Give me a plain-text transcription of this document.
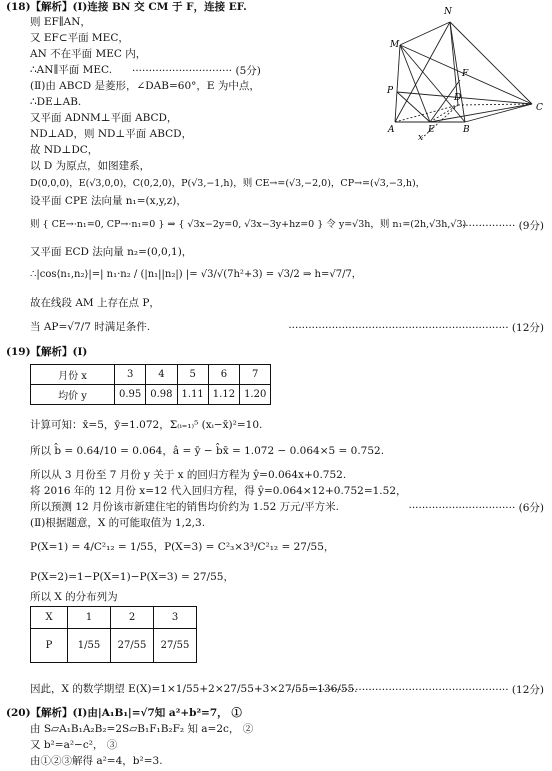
(18)【解析】(Ⅰ)连接 BN 交 CM 于 F，连接 EF.
则 EF∥AN，
又 EF⊂平面 MEC，
AN 不在平面 MEC 内，
∴AN∥平面 MEC.	······························ (5分)
(Ⅱ)由 ABCD 是菱形，∠DAB=60°，E 为中点，
∴DE⊥AB.
又平面 ADNM⊥平面 ABCD，
ND⊥AD，则 ND⊥平面 ABCD，
故 ND⊥DC，
以 D 为原点，如图建系，
D(0,0,0)，E(√3,0,0)，C(0,2,0)，P(√3,−1,h)，则 CE→=(√3,−2,0)，CP→=(√3,−3,h)，
设平面 CPE 法向量 n₁=(x,y,z)，
则 { CE→·n₁=0, CP→·n₁=0 } ⇒ { √3x−2y=0, √3x−3y+hz=0 } 令 y=√3h，则 n₁=(2h,√3h,√3)
················ (9分)
又平面 ECD 法向量 n₂=(0,0,1)，
∴|cos⟨n₁,n₂⟩|=| n₁·n₂ / (|n₁||n₂|) |= √3/√(7h²+3) = √3/2 ⇒ h=√7/7，
故在线段 AM 上存在点 P，
当 AP=√7/7 时满足条件.	·································································· (12分)
N
M
F
P
D
A	E	B
C
x
(19)【解析】(Ⅰ)
月份 x	3	4	5	6	7
均价 y	0.95	0.98	1.11	1.12	1.20
计算可知：x̄=5，ȳ=1.072，Σ₍ᵢ₌₁₎⁵ (xᵢ−x̄)²=10.
所以 b̂ = 0.64/10 = 0.064，â = ȳ − b̂x̄ = 1.072 − 0.064×5 = 0.752.
所以从 3 月份至 7 月份 y 关于 x 的回归方程为 ŷ=0.064x+0.752.
将 2016 年的 12 月份 x=12 代入回归方程，得 ŷ=0.064×12+0.752=1.52，
所以预测 12 月份该市新建住宅的销售均价约为 1.52 万元/平方米.	································ (6分)
(Ⅱ)根据题意，X 的可能取值为 1,2,3.
P(X=1) = 4/C²₁₂ = 1/55，P(X=3) = C²₃×3³/C²₁₂ = 27/55，
P(X=2)=1−P(X=1)−P(X=3) = 27/55，
所以 X 的分布列为
X	1	2	3
P	1/55	27/55	27/55
因此，X 的数学期望 E(X)=1×1/55+2×27/55+3×27/55=136/55.
·································································· (12分)
(20)【解析】(Ⅰ)由|A₁B₁|=√7知 a²+b²=7， ①
由 S▱A₁B₁A₂B₂=2S▱B₁F₁B₂F₂ 知 a=2c， ②
又 b²=a²−c²， ③
由①②③解得 a²=4，b²=3.
